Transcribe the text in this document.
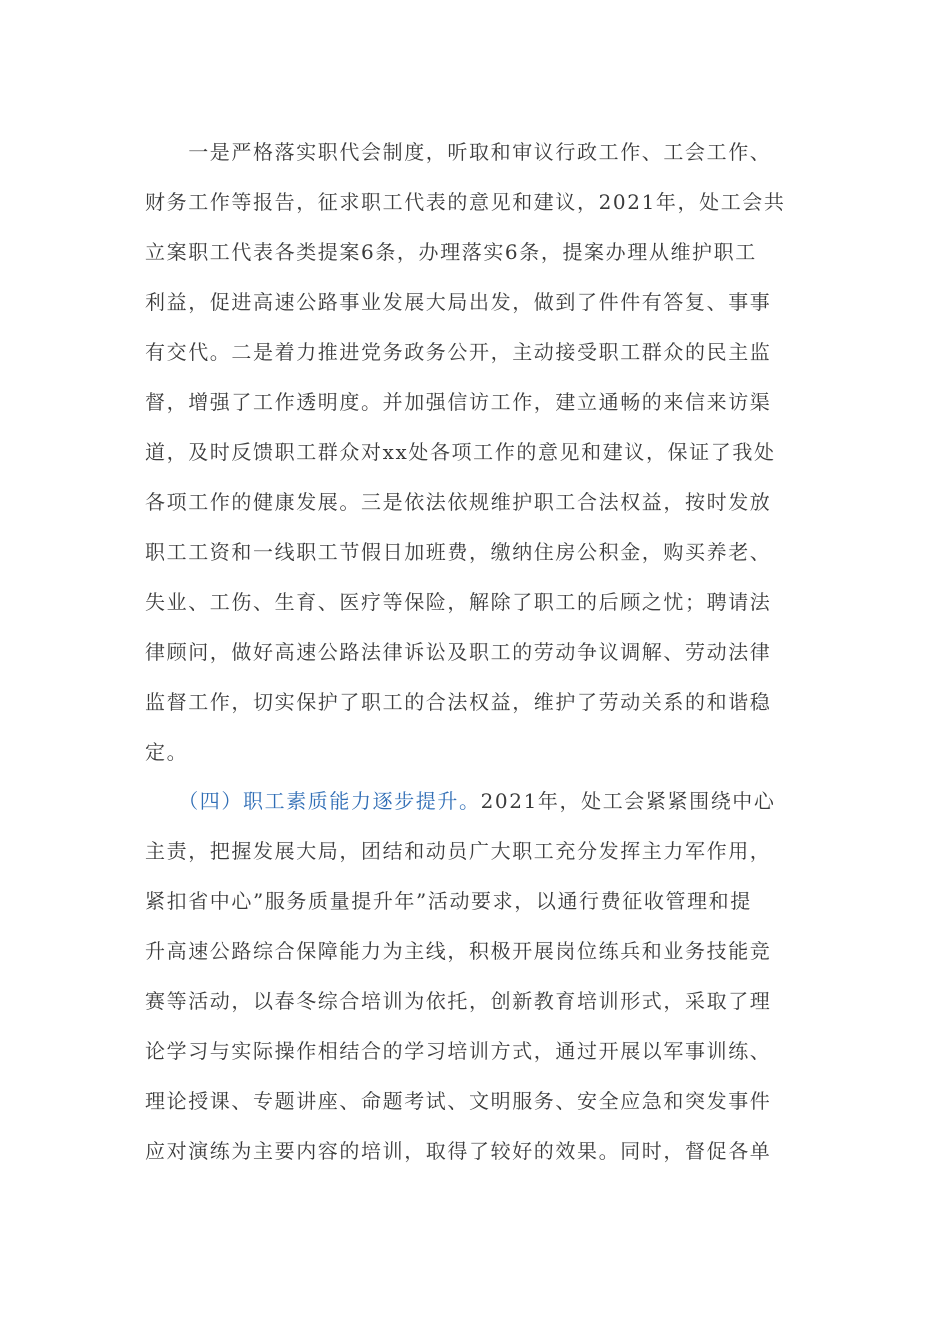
　　一是严格落实职代会制度，听取和审议行政工作、工会工作、
财务工作等报告，征求职工代表的意见和建议，2021年，处工会共
立案职工代表各类提案6条，办理落实6条，提案办理从维护职工
利益，促进高速公路事业发展大局出发，做到了件件有答复、事事
有交代。二是着力推进党务政务公开，主动接受职工群众的民主监
督，增强了工作透明度。并加强信访工作，建立通畅的来信来访渠
道，及时反馈职工群众对xx处各项工作的意见和建议，保证了我处
各项工作的健康发展。三是依法依规维护职工合法权益，按时发放
职工工资和一线职工节假日加班费，缴纳住房公积金，购买养老、
失业、工伤、生育、医疗等保险，解除了职工的后顾之忧；聘请法
律顾问，做好高速公路法律诉讼及职工的劳动争议调解、劳动法律
监督工作，切实保护了职工的合法权益，维护了劳动关系的和谐稳
定。
　　（四）职工素质能力逐步提升。2021年，处工会紧紧围绕中心
主责，把握发展大局，团结和动员广大职工充分发挥主力军作用，
紧扣省中心”服务质量提升年”活动要求，以通行费征收管理和提
升高速公路综合保障能力为主线，积极开展岗位练兵和业务技能竞
赛等活动，以春冬综合培训为依托，创新教育培训形式，采取了理
论学习与实际操作相结合的学习培训方式，通过开展以军事训练、
理论授课、专题讲座、命题考试、文明服务、安全应急和突发事件
应对演练为主要内容的培训，取得了较好的效果。同时，督促各单
